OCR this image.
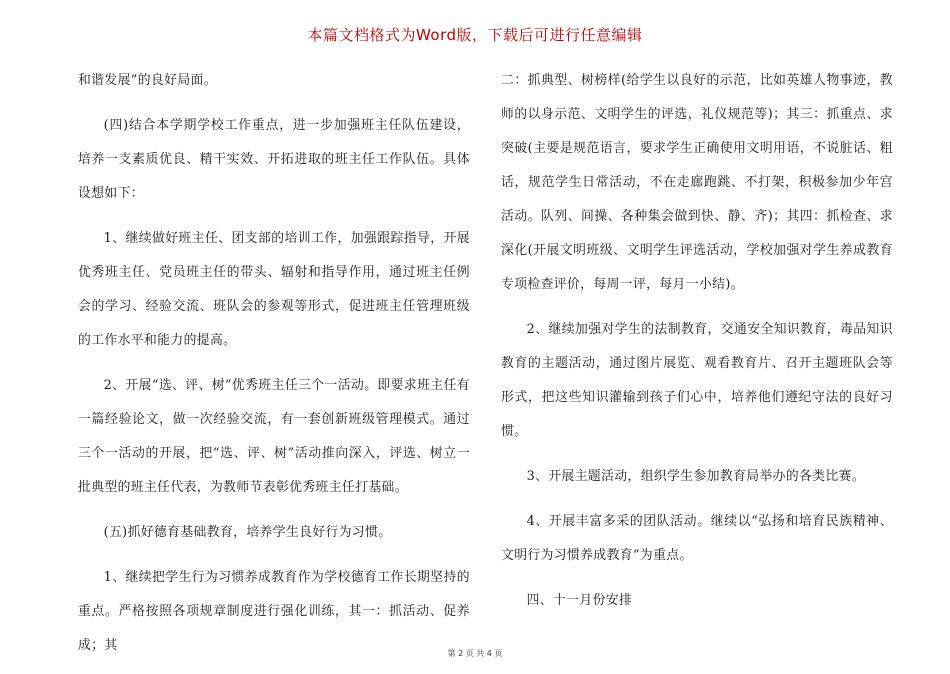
本篇文档格式为Word版，下载后可进行任意编辑

和谐发展”的良好局面。

(四)结合本学期学校工作重点，进一步加强班主任队伍建设，培养一支素质优良、精干实效、开拓进取的班主任工作队伍。具体设想如下：

1、继续做好班主任、团支部的培训工作，加强跟踪指导，开展优秀班主任、党员班主任的带头、辐射和指导作用，通过班主任例会的学习、经验交流、班队会的参观等形式，促进班主任管理班级的工作水平和能力的提高。

2、开展“选、评、树”优秀班主任三个一活动。即要求班主任有一篇经验论文，做一次经验交流，有一套创新班级管理模式。通过三个一活动的开展，把“选、评、树”活动推向深入，评选、树立一批典型的班主任代表，为教师节表彰优秀班主任打基础。

(五)抓好德育基础教育，培养学生良好行为习惯。

1、继续把学生行为习惯养成教育作为学校德育工作长期坚持的重点。严格按照各项规章制度进行强化训练，其一：抓活动、促养成；其

二：抓典型、树榜样(给学生以良好的示范，比如英雄人物事迹，教师的以身示范、文明学生的评选，礼仪规范等)；其三：抓重点、求突破(主要是规范语言，要求学生正确使用文明用语，不说脏话、粗话，规范学生日常活动，不在走廊跑跳、不打架，积极参加少年宫活动。队列、间操、各种集会做到快、静、齐)；其四：抓检查、求深化(开展文明班级、文明学生评选活动，学校加强对学生养成教育专项检查评价，每周一评，每月一小结)。

2、继续加强对学生的法制教育，交通安全知识教育，毒品知识教育的主题活动，通过图片展览、观看教育片、召开主题班队会等形式，把这些知识灌输到孩子们心中，培养他们遵纪守法的良好习惯。

3、开展主题活动，组织学生参加教育局举办的各类比赛。

4、开展丰富多采的团队活动。继续以“弘扬和培育民族精神、文明行为习惯养成教育”为重点。

四、十一月份安排

第 2 页 共 4 页
